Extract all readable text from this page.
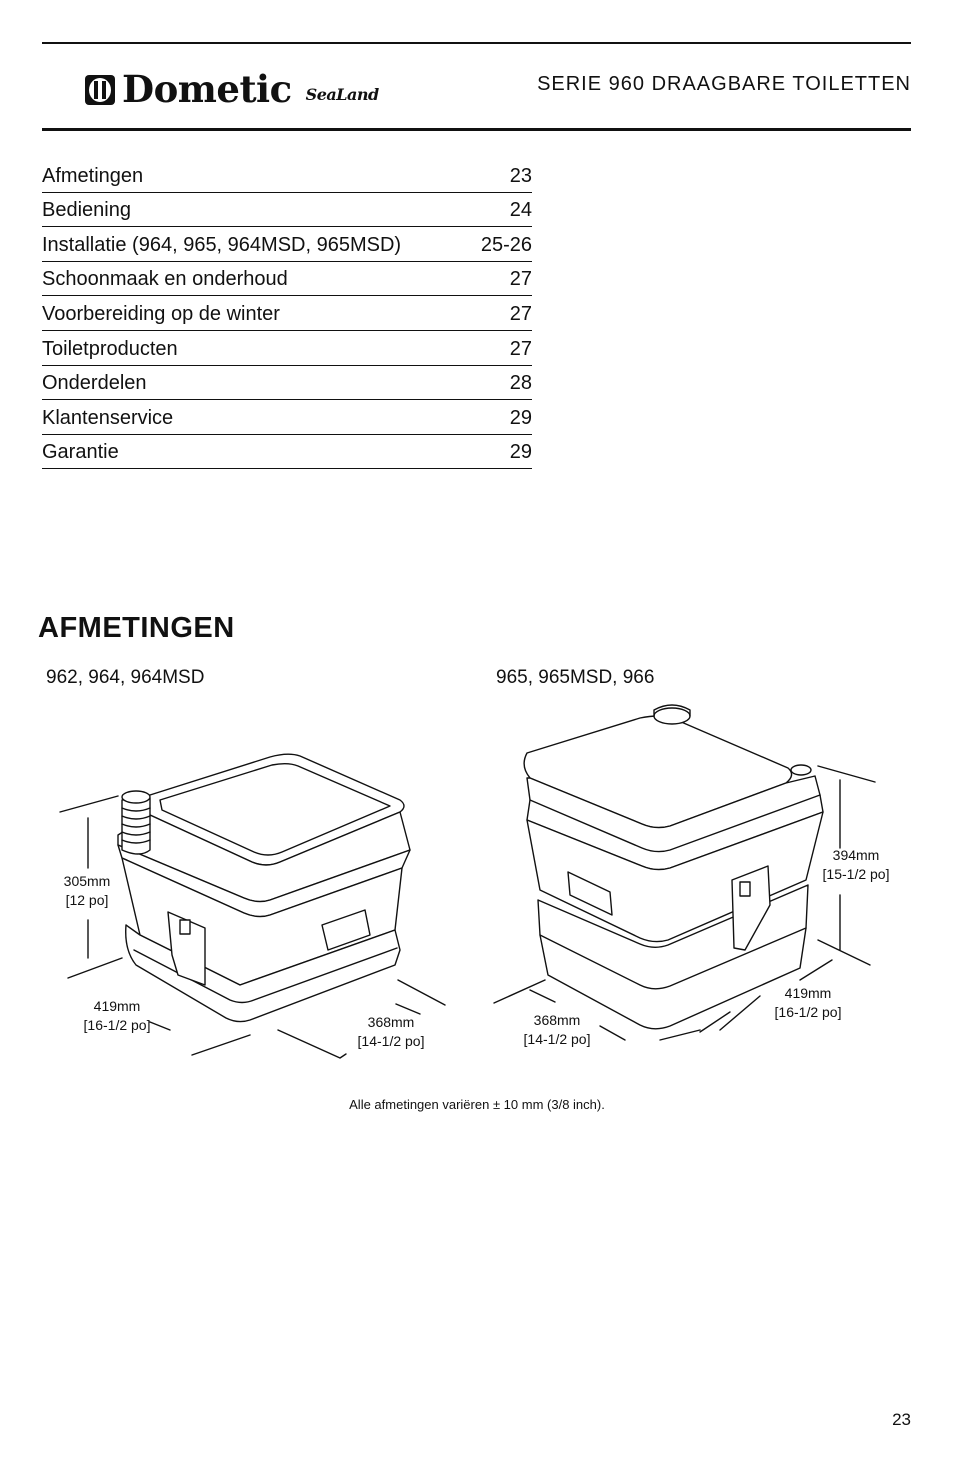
Dometic SeaLand	SERIE 960 DRAAGBARE TOILETTEN
Afmetingen	23
Bediening	24
Installatie (964, 965, 964MSD, 965MSD)	25-26
Schoonmaak en onderhoud	27
Voorbereiding op de winter	27
Toiletproducten	27
Onderdelen	28
Klantenservice	29
Garantie	29
AFMETINGEN
962, 964, 964MSD	965, 965MSD, 966
305mm
[12 po]
419mm
[16-1/2 po]	368mm
[14-1/2 po]
394mm
[15-1/2 po]
419mm
[16-1/2 po]
368mm
[14-1/2 po]
Alle afmetingen variëren ± 10 mm (3/8 inch).
23
